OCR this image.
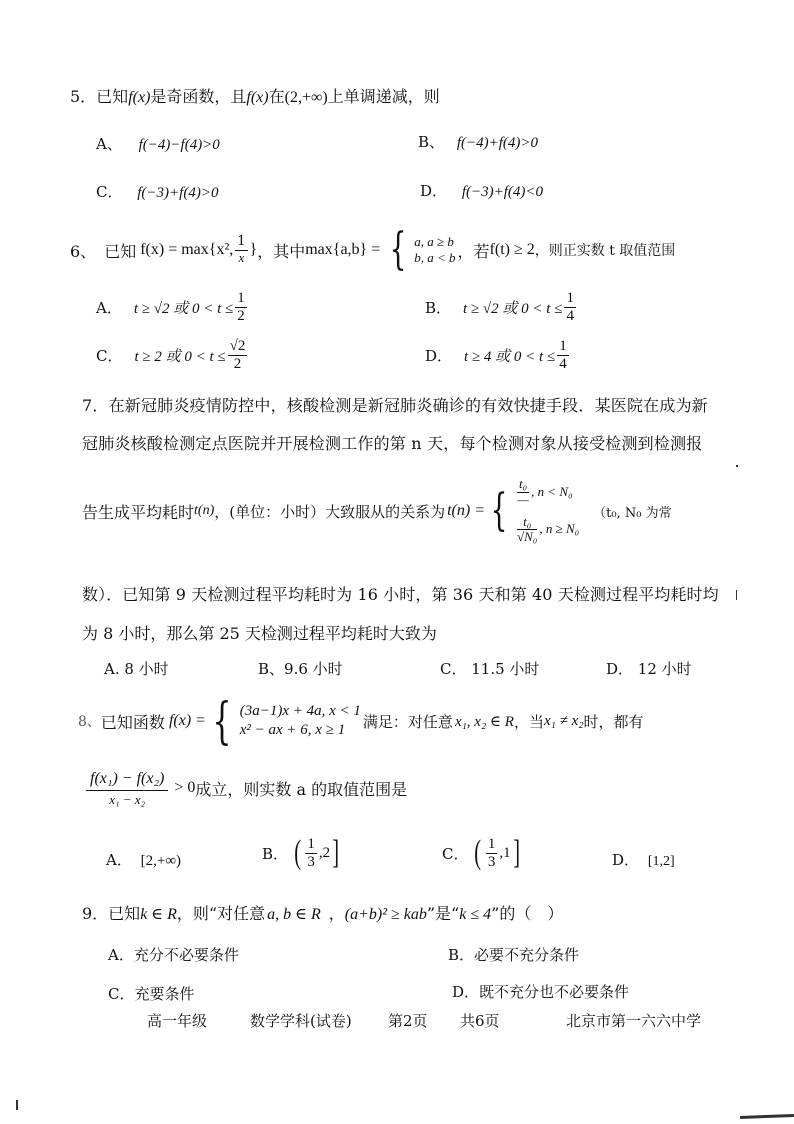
5．已知f(x)是奇函数，且f(x)在(2,+∞)上单调递减，则
A、 f(−4)−f(4)>0	B、 f(−4)+f(4)>0
C． f(−3)+f(4)>0	D． f(−3)+f(4)<0
6、 已知 f(x) = max{x², $\frac{1}{x}$ } ，其中 max{a,b} = { a, a ≥ b
b, a < b ，若 f(t) ≥ 2 ，则正实数 t 取值范围
A． t ≥ √2 或 $0 < t \le \frac{1}{2}$	B． t ≥ √2 或 $0 < t \le \frac{1}{4}$
C． t ≥ 2 或 $0 < t \le \frac{√2}{2}$	D． t ≥ 4 或 $0 < t \le \frac{1}{4}$
7．在新冠肺炎疫情防控中，核酸检测是新冠肺炎确诊的有效快捷手段．某医院在成为新
冠肺炎核酸检测定点医院并开展检测工作的第 n 天，每个检测对象从接受检测到检测报
告生成平均耗时 t(n) ，(单位：小时）大致服从的关系为 t(n) = { $\frac{\text{t₀}}{—}$ , n < N₀
$\frac{\text{t₀}}{\text{√N₀}}$ , n ≥ N₀
（t₀, N₀ 为常
数）．已知第 9 天检测过程平均耗时为 16 小时，第 36 天和第 40 天检测过程平均耗时均
为 8 小时，那么第 25 天检测过程平均耗时大致为
A. 8 小时	B、9.6 小时	C． 11.5 小时	D． 12 小时
8、 已知函数 f(x) = { (3a−1)x + 4a, x < 1
x² − ax + 6, x ≥ 1	满足：对任意 x₁, x₂ ∈ R ，当 x₁ ≠ x₂ 时，都有
$\frac{\text{f(x₁) − f(x₂)}}{\text{x₁ − x₂}} > 0$ 成立，则实数 a 的取值范围是
A． [2,+∞)	B． ( $\frac{1}{3} ,2$ ]	C． ( $\frac{1}{3} ,1$ ]	D． [1,2]
9．已知k ∈ R，则“对任意 a, b ∈ R ，(a+b)² ≥ kab”是“k ≤ 4”的（　）
A．充分不必要条件	B．必要不充分条件
C．充要条件	D．既不充分也不必要条件
高一年级	数学学科(试卷) 第2页 共6页	北京市第一六六中学
